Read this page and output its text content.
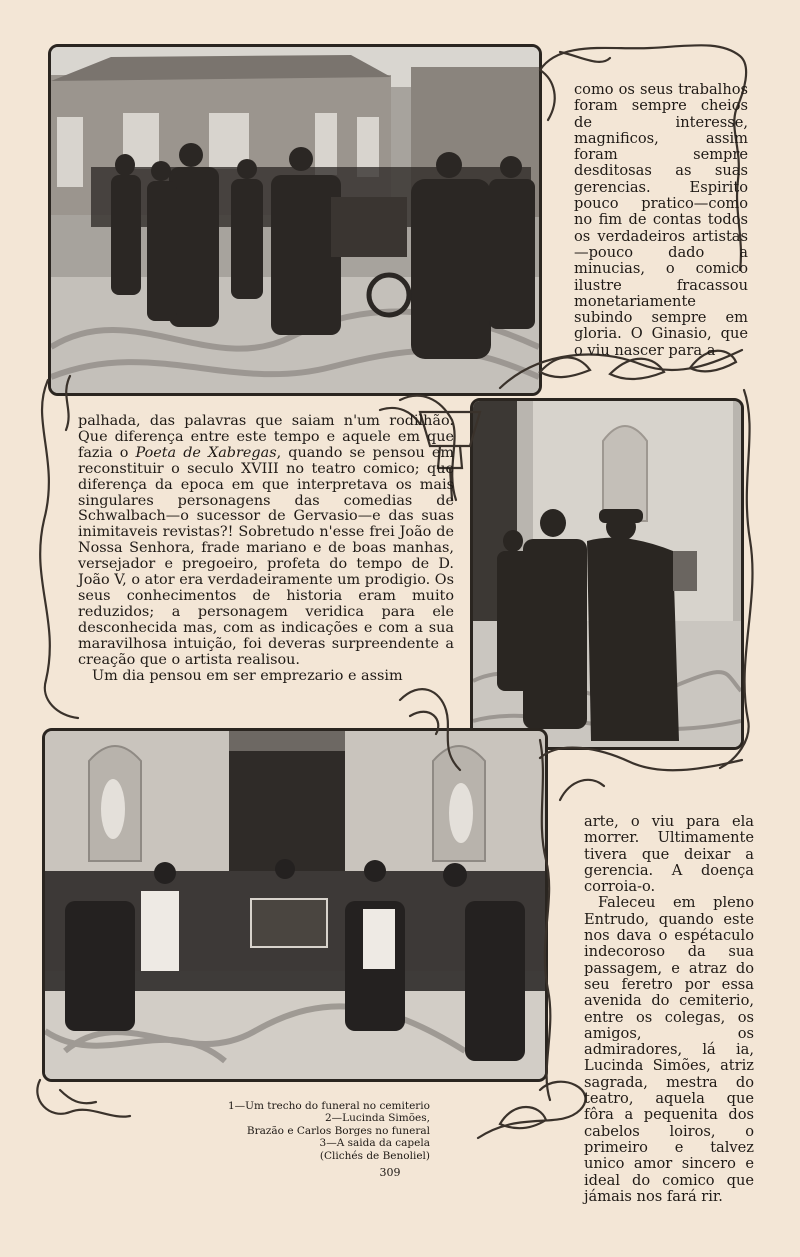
como os seus trabalhos foram sempre cheios de interesse, magnificos, assim foram sempre desditosas as suas gerencias. Espirito pouco pratico—como no fim de contas todos os verdadeiros artistas—pouco dado a minucias, o comico ilustre fracassou monetariamente subindo sempre em gloria. O Ginasio, que o viu nascer para a

palhada, das palavras que saiam n'um rodilhão. Que diferença entre este tempo e aquele em que fazia o Poeta de Xabregas, quando se pensou em reconstituir o seculo XVIII no teatro comico; que diferença da epoca em que interpretava os mais singulares personagens das comedias de Schwalbach—o sucessor de Gervasio—e das suas inimitaveis revistas?! Sobretudo n'esse frei João de Nossa Senhora, frade mariano e de boas manhas, versejador e pregoeiro, profeta do tempo de D. João V, o ator era verdadeiramente um prodigio. Os seus conhecimentos de historia eram muito reduzidos; a personagem veridica para ele desconhecida mas, com as indicações e com a sua maravilhosa intuição, foi deveras surpreendente a creação que o artista realisou.

Um dia pensou em ser emprezario e assim

arte, o viu para ela morrer. Ultimamente tivera que deixar a gerencia. A doença corroia-o.

Faleceu em pleno Entrudo, quando este nos dava o espétaculo indecoroso da sua passagem, e atraz do seu feretro por essa avenida do cemiterio, entre os colegas, os amigos, os admiradores, lá ia, Lucinda Simões, atriz sagrada, mestra do teatro, aquela que fôra a pequenita dos cabelos loiros, o primeiro e talvez unico amor sincero e ideal do comico que jámais nos fará rir.

1—Um trecho do funeral no cemiterio
2—Lucinda Simões,
Brazão e Carlos Borges no funeral
3—A saida da capela
(Clichés de Benoliel)
309
